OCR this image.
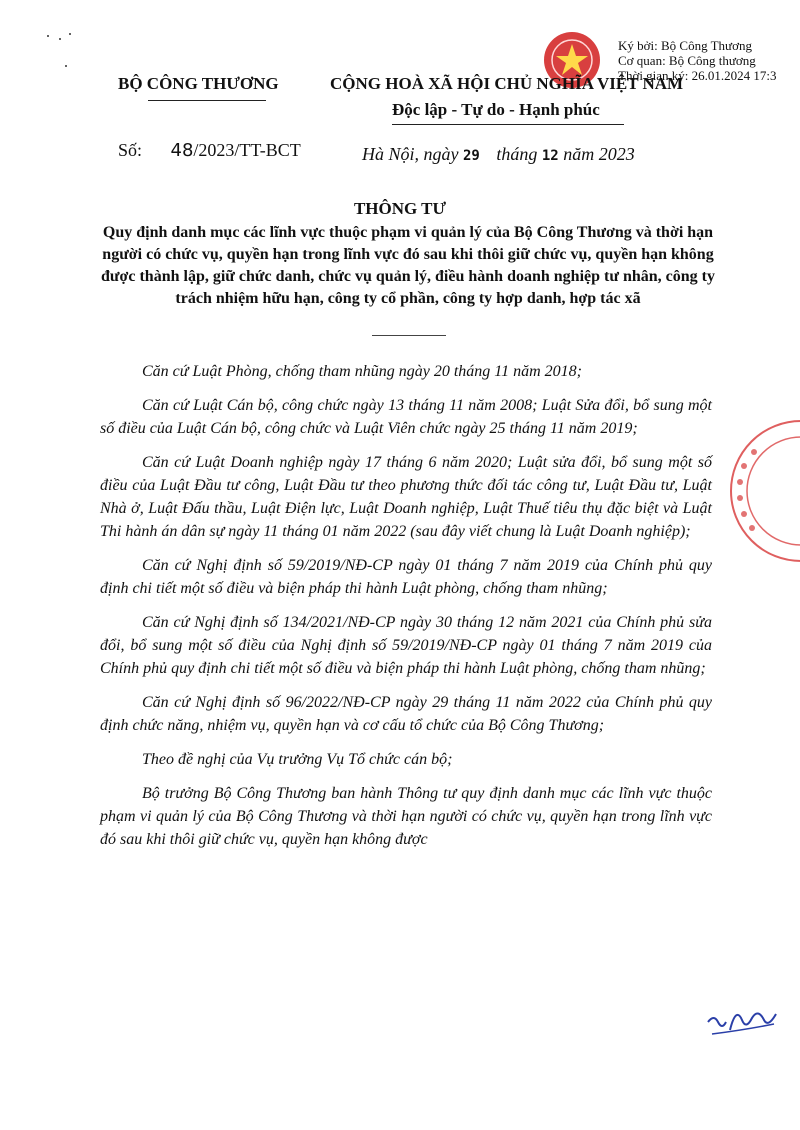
Ký bởi: Bộ Công Thương
Cơ quan: Bộ Công thương
Thời gian ký: 26.01.2024 17:3
BỘ CÔNG THƯƠNG	CỘNG HOÀ XÃ HỘI CHỦ NGHĨA VIỆT NAM
Độc lập - Tự do - Hạnh phúc
Số: 48/2023/TT-BCT	Hà Nội, ngày 29 tháng 12 năm 2023
THÔNG TƯ
Quy định danh mục các lĩnh vực thuộc phạm vi quản lý của Bộ Công Thương và thời hạn người có chức vụ, quyền hạn trong lĩnh vực đó sau khi thôi giữ chức vụ, quyền hạn không được thành lập, giữ chức danh, chức vụ quản lý, điều hành doanh nghiệp tư nhân, công ty trách nhiệm hữu hạn, công ty cổ phần, công ty hợp danh, hợp tác xã

Căn cứ Luật Phòng, chống tham nhũng ngày 20 tháng 11 năm 2018;

Căn cứ Luật Cán bộ, công chức ngày 13 tháng 11 năm 2008; Luật Sửa đổi, bổ sung một số điều của Luật Cán bộ, công chức và Luật Viên chức ngày 25 tháng 11 năm 2019;

Căn cứ Luật Doanh nghiệp ngày 17 tháng 6 năm 2020; Luật sửa đổi, bổ sung một số điều của Luật Đầu tư công, Luật Đầu tư theo phương thức đối tác công tư, Luật Đầu tư, Luật Nhà ở, Luật Đấu thầu, Luật Điện lực, Luật Doanh nghiệp, Luật Thuế tiêu thụ đặc biệt và Luật Thi hành án dân sự ngày 11 tháng 01 năm 2022 (sau đây viết chung là Luật Doanh nghiệp);

Căn cứ Nghị định số 59/2019/NĐ-CP ngày 01 tháng 7 năm 2019 của Chính phủ quy định chi tiết một số điều và biện pháp thi hành Luật phòng, chống tham nhũng;

Căn cứ Nghị định số 134/2021/NĐ-CP ngày 30 tháng 12 năm 2021 của Chính phủ sửa đổi, bổ sung một số điều của Nghị định số 59/2019/NĐ-CP ngày 01 tháng 7 năm 2019 của Chính phủ quy định chi tiết một số điều và biện pháp thi hành Luật phòng, chống tham nhũng;

Căn cứ Nghị định số 96/2022/NĐ-CP ngày 29 tháng 11 năm 2022 của Chính phủ quy định chức năng, nhiệm vụ, quyền hạn và cơ cấu tổ chức của Bộ Công Thương;

Theo đề nghị của Vụ trưởng Vụ Tổ chức cán bộ;

Bộ trưởng Bộ Công Thương ban hành Thông tư quy định danh mục các lĩnh vực thuộc phạm vi quản lý của Bộ Công Thương và thời hạn người có chức vụ, quyền hạn trong lĩnh vực đó sau khi thôi giữ chức vụ, quyền hạn không được
